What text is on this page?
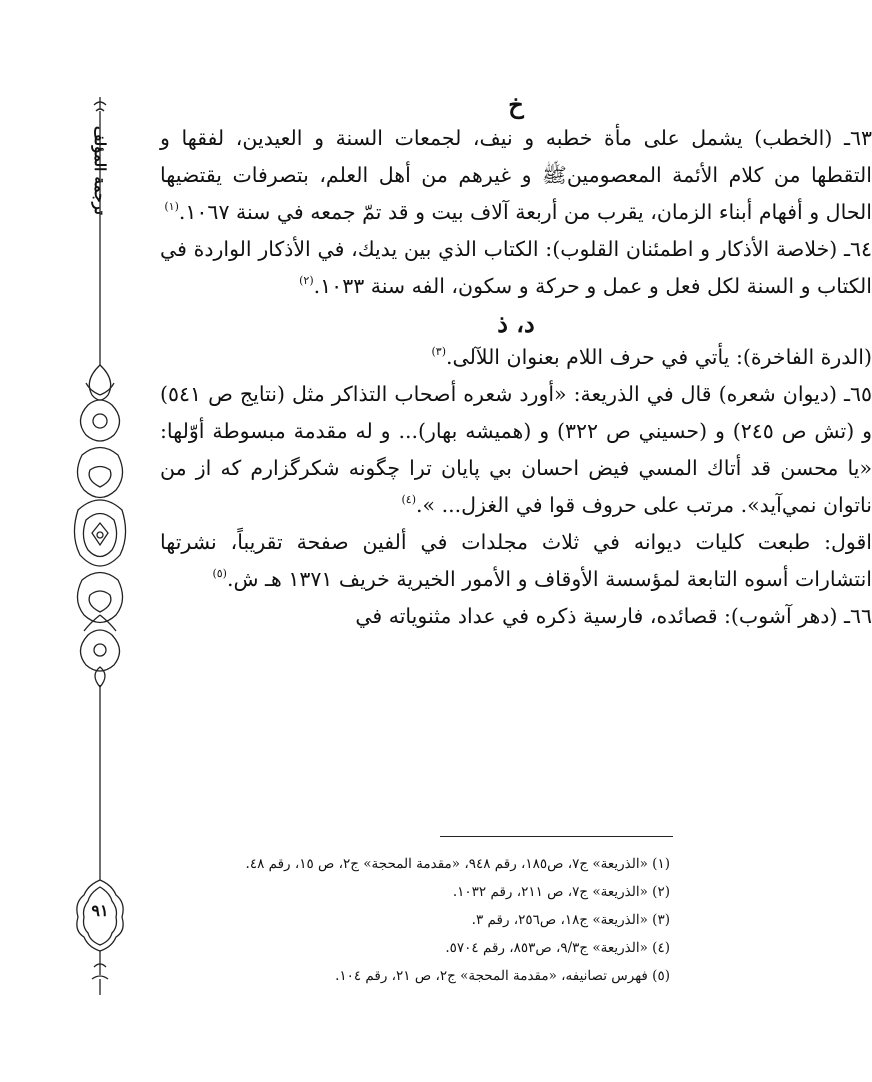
ترجمة المؤلف
٩١
خ

٦٣ـ (الخطب) يشمل على مأة خطبه و نيف، لجمعات السنة و العيدين، لفقها و التقطها من كلام الأئمة المعصومينﷺ و غيرهم من أهل العلم، بتصرفات يقتضيها الحال و أفهام أبناء الزمان، يقرب من أربعة آلاف بيت و قد تمّ جمعه في سنة ١٠٦٧.$^{(١)}$

٦٤ـ (خلاصة الأذكار و اطمئنان القلوب): الكتاب الذي بين يديك، في الأذكار الواردة في الكتاب و السنة لكل فعل و عمل و حركة و سكون، الفه سنة ١٠٣٣.$^{(٢)}$

د، ذ

(الدرة الفاخرة): يأتي في حرف اللام بعنوان اللآلى.$^{(٣)}$

٦٥ـ (ديوان شعره) قال في الذريعة: «أورد شعره أصحاب التذاكر مثل (نتايج ص ٥٤١) و (تش ص ٢٤٥) و (حسيني ص ٣٢٢) و (هميشه بهار)... و له مقدمة مبسوطة أوّلها: «يا محسن قد أتاك المسي فيض احسان بي پايان ترا چگونه شكرگزارم كه از من ناتوان نمي‌آيد». مرتب على حروف قوا في الغزل... ».$^{(٤)}$

اقول: طبعت كليات ديوانه في ثلاث مجلدات في ألفين صفحة تقريباً، نشرتها انتشارات أسوه التابعة لمؤسسة الأوقاف و الأمور الخيرية خريف ١٣٧١ هـ ش.$^{(٥)}$

٦٦ـ (دهر آشوب): قصائده، فارسية ذكره في عداد مثنوياته في

(١) «الذريعة» ج٧، ص١٨٥، رقم ٩٤٨، «مقدمة المحجة» ج٢، ص ١٥، رقم ٤٨.

(٢) «الذريعة» ج٧، ص ٢١١، رقم ١٠٣٢.

(٣) «الذريعة» ج١٨، ص٢٥٦، رقم ٣.

(٤) «الذريعة» ج٩/٣، ص٨٥٣، رقم ٥٧٠٤.

(٥) فهرس تصانيفه، «مقدمة المحجة» ج٢، ص ٢١، رقم ١٠٤.
